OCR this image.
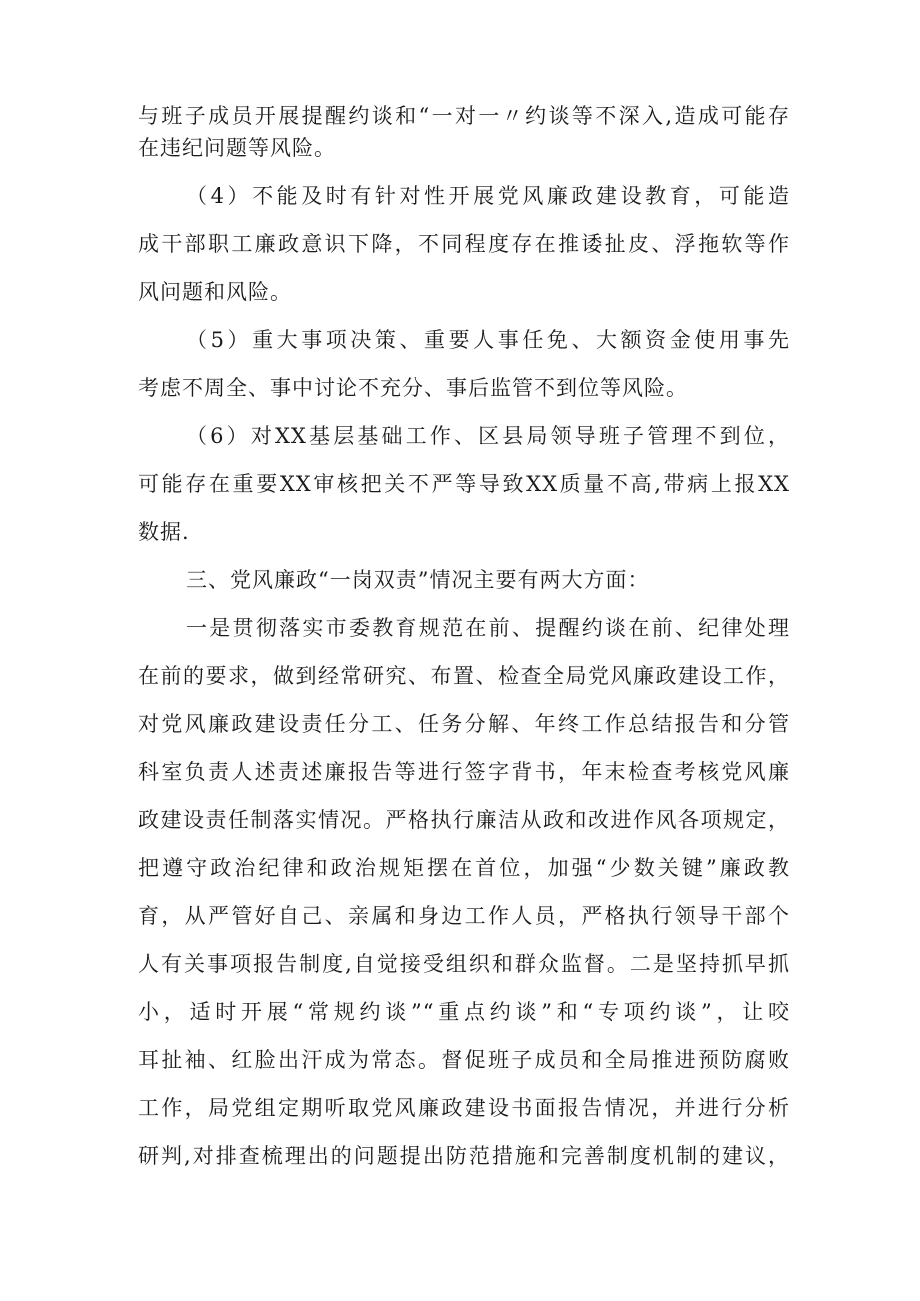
与班子成员开展提醒约谈和“一对一〃约谈等不深入,造成可能存
在违纪问题等风险。
（4）不能及时有针对性开展党风廉政建设教育，可能造
成干部职工廉政意识下降，不同程度存在推诿扯皮、浮拖软等作
风问题和风险。
（5）重大事项决策、重要人事任免、大额资金使用事先
考虑不周全、事中讨论不充分、事后监管不到位等风险。
（6）对XX基层基础工作、区县局领导班子管理不到位，
可能存在重要XX审核把关不严等导致XX质量不高,带病上报XX
数据.
三、党风廉政“一岗双责”情况主要有两大方面：
一是贯彻落实市委教育规范在前、提醒约谈在前、纪律处理
在前的要求，做到经常研究、布置、检查全局党风廉政建设工作，
对党风廉政建设责任分工、任务分解、年终工作总结报告和分管
科室负责人述责述廉报告等进行签字背书，年末检查考核党风廉
政建设责任制落实情况。严格执行廉洁从政和改进作风各项规定，
把遵守政治纪律和政治规矩摆在首位，加强“少数关键”廉政教
育，从严管好自己、亲属和身边工作人员，严格执行领导干部个
人有关事项报告制度,自觉接受组织和群众监督。二是坚持抓早抓
小，适时开展“常规约谈”“重点约谈”和“专项约谈”，让咬
耳扯袖、红脸出汗成为常态。督促班子成员和全局推进预防腐败
工作，局党组定期听取党风廉政建设书面报告情况，并进行分析
研判,对排查梳理出的问题提出防范措施和完善制度机制的建议，
